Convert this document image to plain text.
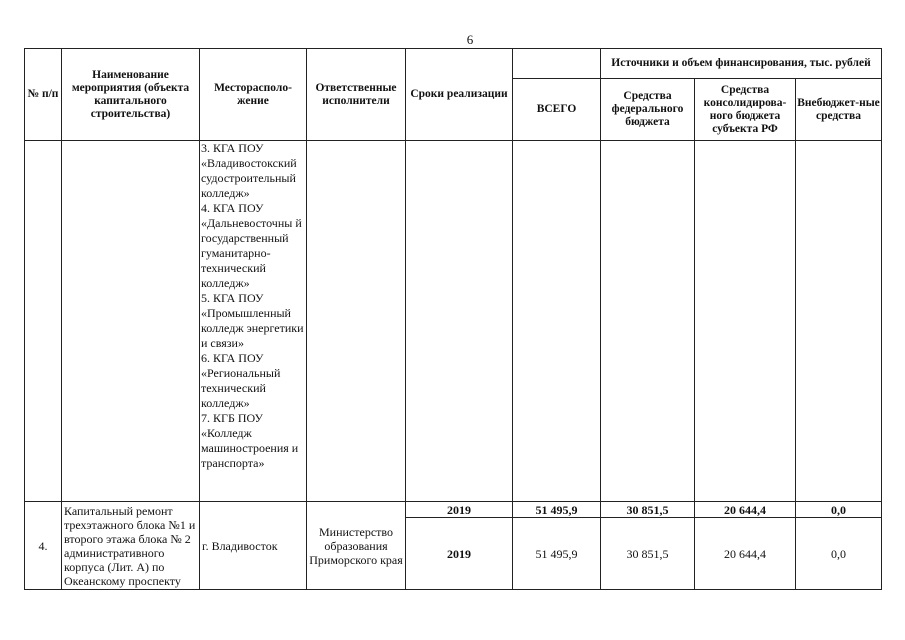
6
№ п/п	Наименование мероприятия (объекта капитального строительства)	Месторасполо-жение	Ответственные исполнители	Сроки реализации		Источники и объем финансирования, тыс. рублей		
					ВСЕГО	Средства федерального бюджета	Средства консолидирова-ного бюджета субъекта РФ	Внебюджет-ные средства

		3. КГА ПОУ «Владивостокский судостроительный колледж»
4. КГА ПОУ «Дальневосточны й государственный гуманитарно-технический колледж»
5. КГА ПОУ «Промышленный колледж энергетики и связи»
6. КГА ПОУ «Региональный технический колледж»
7. КГБ ПОУ «Колледж машиностроения и транспорта»						

4.	Капитальный ремонт трехэтажного блока №1 и второго этажа блока № 2 административного корпуса (Лит. А) по Океанскому проспекту	г. Владивосток	Министерство образования Приморского края	2019	51 495,9	30 851,5	20 644,4	0,0
				2019	51 495,9	30 851,5	20 644,4	0,0
